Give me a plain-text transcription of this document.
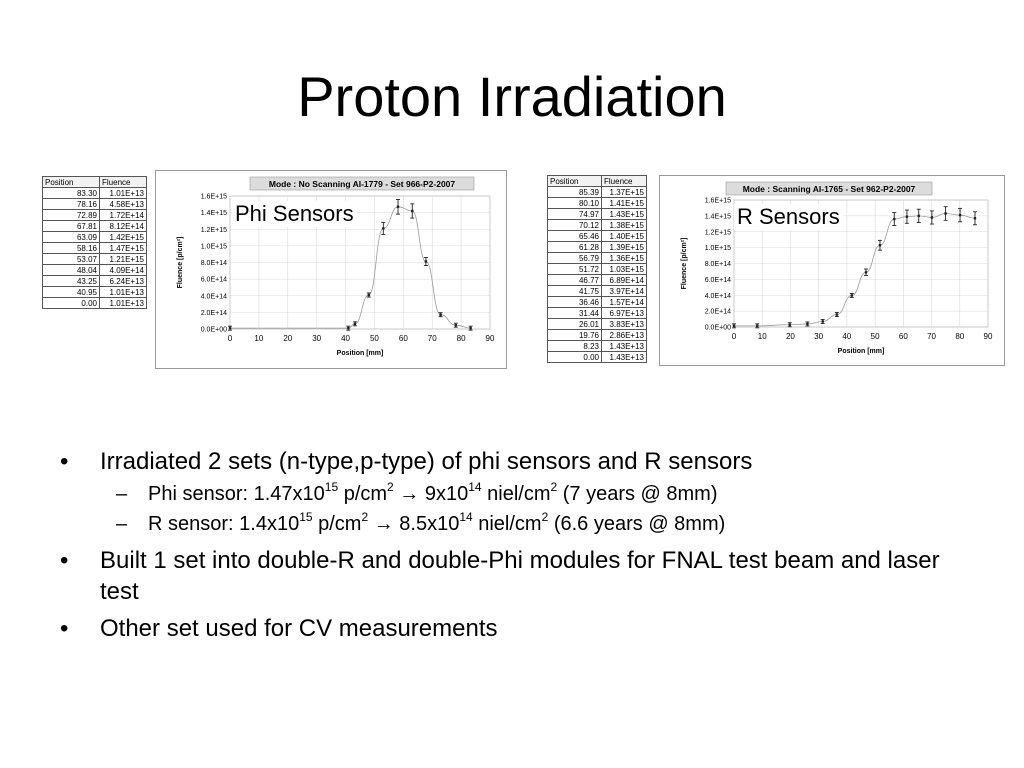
Proton Irradiation
Position	Fluence
83.30	1.01E+13
78.16	4.58E+13
72.89	1.72E+14
67.81	8.12E+14
63.09	1.42E+15
58.16	1.47E+15
53.07	1.21E+15
48.04	4.09E+14
43.25	6.24E+13
40.95	1.01E+13
0.00	1.01E+13
Mode : No Scanning AI-1779 - Set 966-P2-2007
0.0E+00
2.0E+14
4.0E+14
6.0E+14
8.0E+14
1.0E+15
1.2E+15
1.4E+15
1.6E+15
0	10 20 30 40 50 60 70 80 90
Position [mm]
Fluence [p/cm²]
Phi Sensors
Position	Fluence
85.39	1.37E+15
80.10	1.41E+15
74.97	1.43E+15
70.12	1.38E+15
65.46	1.40E+15
61.28	1.39E+15
56.79	1.36E+15
51.72	1.03E+15
46.77	6.89E+14
41.75	3.97E+14
36.46	1.57E+14
31.44	6.97E+13
26.01	3.83E+13
19.76	2.86E+13
8.23	1.43E+13
0.00	1.43E+13
Mode : Scanning AI-1765 - Set 962-P2-2007
0.0E+00
2.0E+14
4.0E+14
6.0E+14
8.0E+14
1.0E+15
1.2E+15
1.4E+15
1.6E+15
0	10 20 30 40 50 60 70 80 90
Position [mm]
Fluence [p/cm²]
R Sensors
• Irradiated 2 sets (n-type,p-type) of phi sensors and R sensors
– Phi sensor: $1.47x10^{15}$ $p/cm^2 \to 9x10^{14}$ niel/$cm^2$ (7 years @ 8mm)
– R sensor: $1.4x10^{15}$ $p/cm^2 \to 8.5x10^{14}$ niel/$cm^2$ (6.6 years @ 8mm)
• Built 1 set into double-R and double-Phi modules for FNAL test beam and laser test
• Other set used for CV measurements
